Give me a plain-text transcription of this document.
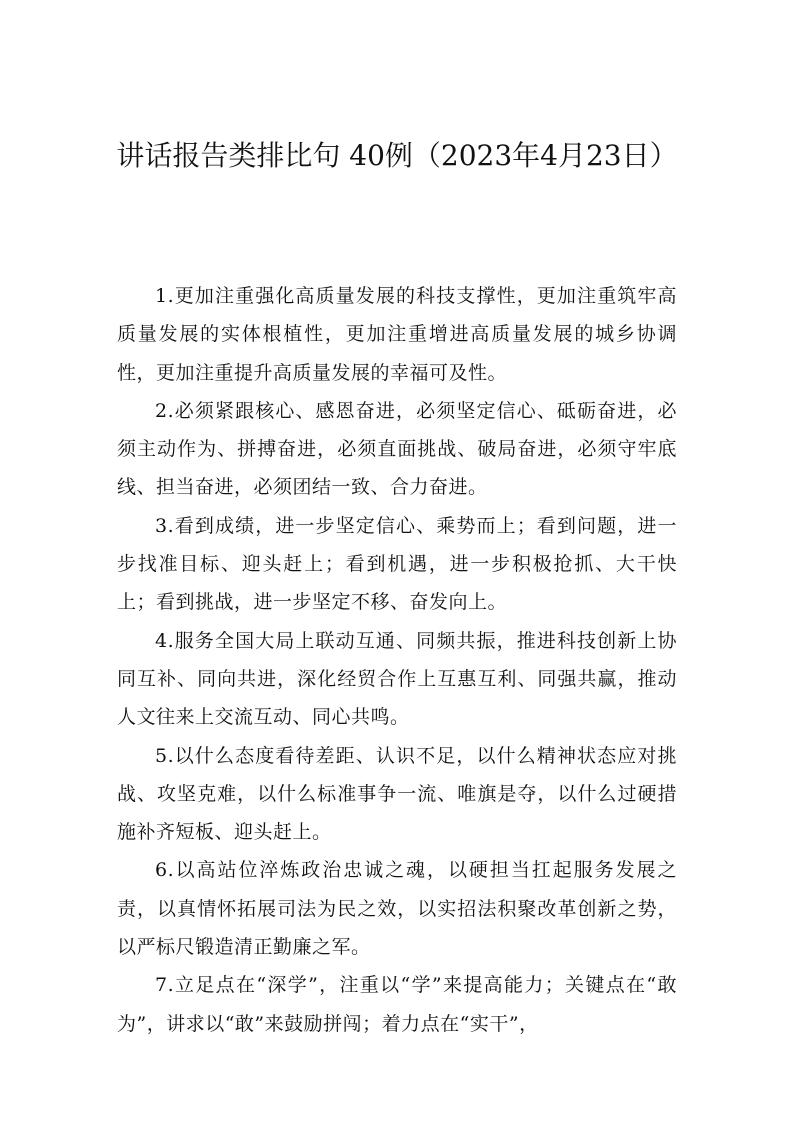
讲话报告类排比句 40例（2023年4月23日）

1.更加注重强化高质量发展的科技支撑性，更加注重筑牢高质量发展的实体根植性，更加注重增进高质量发展的城乡协调性，更加注重提升高质量发展的幸福可及性。

2.必须紧跟核心、感恩奋进，必须坚定信心、砥砺奋进，必须主动作为、拼搏奋进，必须直面挑战、破局奋进，必须守牢底线、担当奋进，必须团结一致、合力奋进。

3.看到成绩，进一步坚定信心、乘势而上；看到问题，进一步找准目标、迎头赶上；看到机遇，进一步积极抢抓、大干快上；看到挑战，进一步坚定不移、奋发向上。

4.服务全国大局上联动互通、同频共振，推进科技创新上协同互补、同向共进，深化经贸合作上互惠互利、同强共赢，推动人文往来上交流互动、同心共鸣。

5.以什么态度看待差距、认识不足，以什么精神状态应对挑战、攻坚克难，以什么标准事争一流、唯旗是夺，以什么过硬措施补齐短板、迎头赶上。

6.以高站位淬炼政治忠诚之魂，以硬担当扛起服务发展之责，以真情怀拓展司法为民之效，以实招法积聚改革创新之势，以严标尺锻造清正勤廉之军。

7.立足点在“深学”，注重以“学”来提高能力；关键点在“敢为”，讲求以“敢”来鼓励拼闯；着力点在“实干”，
